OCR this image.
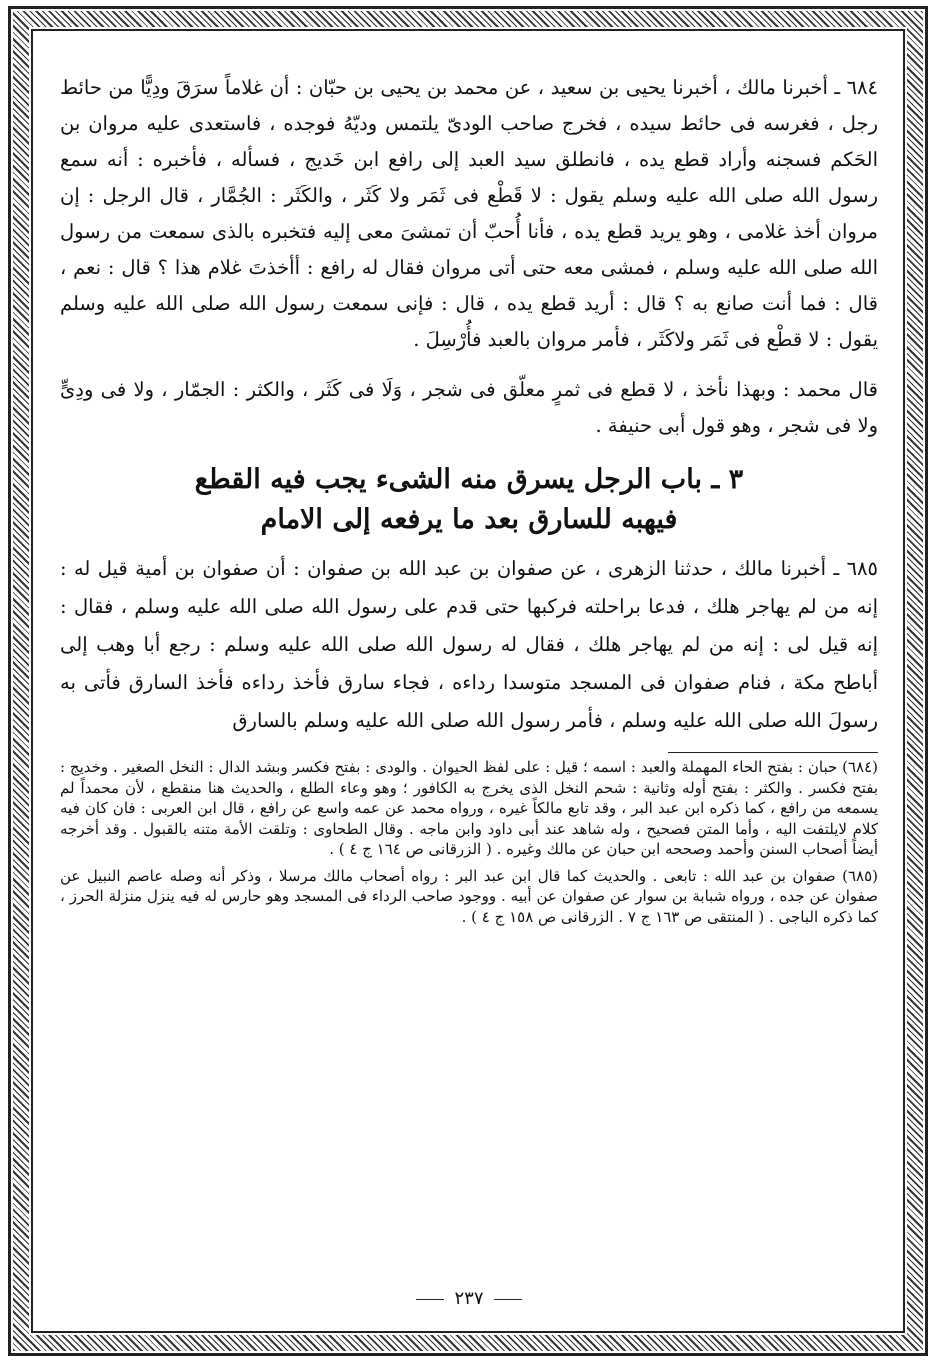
٦٨٤ ـ أخبرنا مالك ، أخبرنا يحيى بن سعيد ، عن محمد بن يحيى بن حبّان : أن غلاماً سرَقَ ودِيًّا من حائط رجل ، فغرسه فى حائط سيده ، فخرج صاحب الودىّ يلتمس وديّهُ فوجده ، فاستعدى عليه مروان بن الحَكم فسجنه وأراد قطع يده ، فانطلق سيد العبد إلى رافع ابن خَديج ، فسأله ، فأخبره : أنه سمع رسول الله صلى الله عليه وسلم يقول : لا قَطْع فى ثَمَر ولا كَثَر ، والكَثَر : الجُمَّار ، قال الرجل : إن مروان أخذ غلامى ، وهو يريد قطع يده ، فأنا أُحبّ أن تمشىَ معى إليه فتخبره بالذى سمعت من رسول الله صلى الله عليه وسلم ، فمشى معه حتى أتى مروان فقال له رافع : أأخذتَ غلام هذا ؟ قال : نعم ، قال : فما أنت صانع به ؟ قال : أريد قطع يده ، قال : فإنى سمعت رسول الله صلى الله عليه وسلم يقول : لا قطْع فى ثَمَر ولاكَثَر ، فأمر مروان بالعبد فأُرْسِلَ .

قال محمد : وبهذا نأخذ ، لا قطع فى ثمرٍ معلّق فى شجر ، وَلَا فى كَثَر ، والكثر : الجمّار ، ولا فى ودِىٍّ ولا فى شجر ، وهو قول أبى حنيفة .

٣ ـ باب الرجل يسرق منه الشىء يجب فيه القطع
فيهبه للسارق بعد ما يرفعه إلى الامام

٦٨٥ ـ أخبرنا مالك ، حدثنا الزهرى ، عن صفوان بن عبد الله بن صفوان : أن صفوان بن أمية قيل له : إنه من لم يهاجر هلك ، فدعا براحلته فركبها حتى قدم على رسول الله صلى الله عليه وسلم ، فقال : إنه قيل لى : إنه من لم يهاجر هلك ، فقال له رسول الله صلى الله عليه وسلم : رجع أبا وهب إلى أباطح مكة ، فنام صفوان فى المسجد متوسدا رداءه ، فجاء سارق فأخذ رداءه فأخذ السارق فأتى به رسولَ الله صلى الله عليه وسلم ، فأمر رسول الله صلى الله عليه وسلم بالسارق

(٦٨٤) حبان : بفتح الحاء المهملة والعبد : اسمه ؛ قيل : على لفظ الحيوان . والودى : بفتح فكسر وبشد الدال : النخل الصغير . وخديج : بفتح فكسر . والكثر : بفتح أوله وثانية : شحم النخل الذى يخرج به الكافور ؛ وهو وعاء الطلع ، والحديث هنا منقطع ، لأن محمداً لم يسمعه من رافع ، كما ذكره ابن عبد البر ، وقد تابع مالكاً غيره ، ورواه محمد عن عمه واسع عن رافع ، قال ابن العربى : فان كان فيه كلام لايلتفت اليه ، وأما المتن فصحيح ، وله شاهد عند أبى داود وابن ماجه . وقال الطحاوى : وتلقت الأمة متنه بالقبول . وقد أخرجه أيضاً أصحاب السنن وأحمد وصححه ابن حبان عن مالك وغيره . ( الزرقانى ص ١٦٤ ج ٤ ) .

(٦٨٥) صفوان بن عبد الله : تابعى . والحديث كما قال ابن عبد البر : رواه أصحاب مالك مرسلا ، وذكر أنه وصله عاصم النبيل عن صفوان عن جده ، ورواه شبابة بن سوار عن صفوان عن أبيه . ووجود صاحب الرداء فى المسجد وهو حارس له فيه ينزل منزلة الحرز ، كما ذكره الباجى . ( المنتقى ص ١٦٣ ج ٧ . الزرقانى ص ١٥٨ ج ٤ ) .

٢٣٧
